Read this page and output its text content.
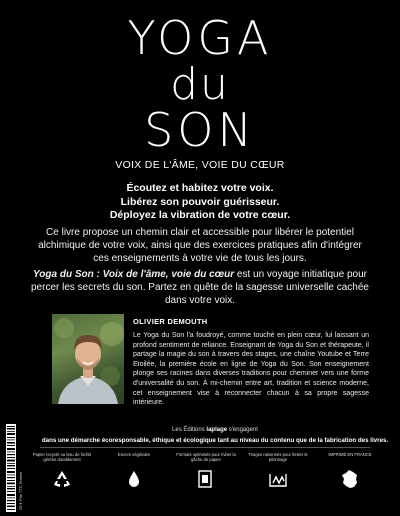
YOGA
du
SON
VOIX DE L'ÂME, VOIE DU CŒUR
Écoutez et habitez votre voix.
Libérez son pouvoir guérisseur.
Déployez la vibration de votre cœur.

Ce livre propose un chemin clair et accessible pour libérer le potentiel alchimique de votre voix, ainsi que des exercices pratiques afin d'intégrer ces enseignements à votre vie de tous les jours.

Yoga du Son : Voix de l'âme, voie du cœur est un voyage initiatique pour percer les secrets du son. Partez en quête de la sagesse universelle cachée dans votre voix.

OLIVIER DEMOUTH

Le Yoga du Son l'a foudroyé, comme touché en plein cœur, lui laissant un profond sentiment de reliance. Enseignant de Yoga du Son et thérapeute, il partage la magie du son à travers des stages, une chaîne Youtube et Terre Etoilée, la première école en ligne de Yoga du Son. Son enseignement plonge ses racines dans diverses traditions pour cheminer vers une forme d'universalité du son. À mi-chemin entre art, tradition et science moderne, cet enseignement vise à reconnecter chacun à sa propre sagesse intérieure.

25 € Prix TTC France
Les Éditions laplage s'engagent
dans une démarche écoresponsable, éthique et écologique tant au niveau du contenu que de la fabrication des livres.
Papier recyclé ou issu de forêts gérées durablement
Encres végétales	Formats optimisés pour éviter la gâche de papier
Tirages raisonnés pour limiter le pilonnage
IMPRIMÉ EN FRANCE
